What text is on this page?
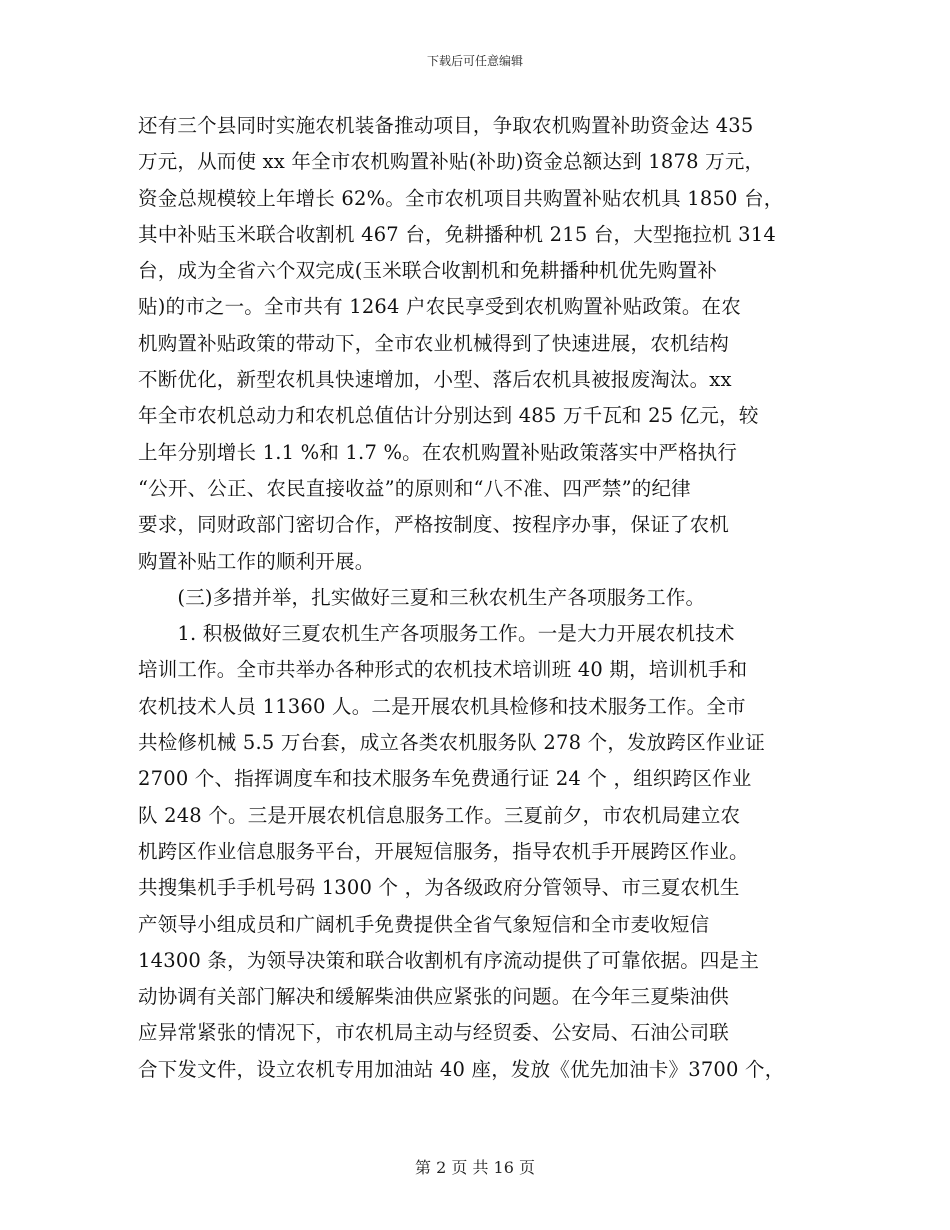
下载后可任意编辑
还有三个县同时实施农机装备推动项目，争取农机购置补助资金达 435
万元，从而使 xx 年全市农机购置补贴(补助)资金总额达到 1878 万元，
资金总规模较上年增长 62%。全市农机项目共购置补贴农机具 1850 台，
其中补贴玉米联合收割机 467 台，免耕播种机 215 台，大型拖拉机 314
台，成为全省六个双完成(玉米联合收割机和免耕播种机优先购置补
贴)的市之一。全市共有 1264 户农民享受到农机购置补贴政策。在农
机购置补贴政策的带动下，全市农业机械得到了快速进展，农机结构
不断优化，新型农机具快速增加，小型、落后农机具被报废淘汰。xx
年全市农机总动力和农机总值估计分别达到 485 万千瓦和 25 亿元，较
上年分别增长 1.1 %和 1.7 %。在农机购置补贴政策落实中严格执行
“公开、公正、农民直接收益”的原则和“八不准、四严禁”的纪律
要求，同财政部门密切合作，严格按制度、按程序办事，保证了农机
购置补贴工作的顺利开展。
　　(三)多措并举，扎实做好三夏和三秋农机生产各项服务工作。
　　1. 积极做好三夏农机生产各项服务工作。一是大力开展农机技术
培训工作。全市共举办各种形式的农机技术培训班 40 期，培训机手和
农机技术人员 11360 人。二是开展农机具检修和技术服务工作。全市
共检修机械 5.5 万台套，成立各类农机服务队 278 个，发放跨区作业证
2700 个、指挥调度车和技术服务车免费通行证 24 个 ，组织跨区作业
队 248 个。三是开展农机信息服务工作。三夏前夕，市农机局建立农
机跨区作业信息服务平台，开展短信服务，指导农机手开展跨区作业。
共搜集机手手机号码 1300 个 ，为各级政府分管领导、市三夏农机生
产领导小组成员和广阔机手免费提供全省气象短信和全市麦收短信
14300 条，为领导决策和联合收割机有序流动提供了可靠依据。四是主
动协调有关部门解决和缓解柴油供应紧张的问题。在今年三夏柴油供
应异常紧张的情况下，市农机局主动与经贸委、公安局、石油公司联
合下发文件，设立农机专用加油站 40 座，发放《优先加油卡》3700 个，
第 2 页 共 16 页
